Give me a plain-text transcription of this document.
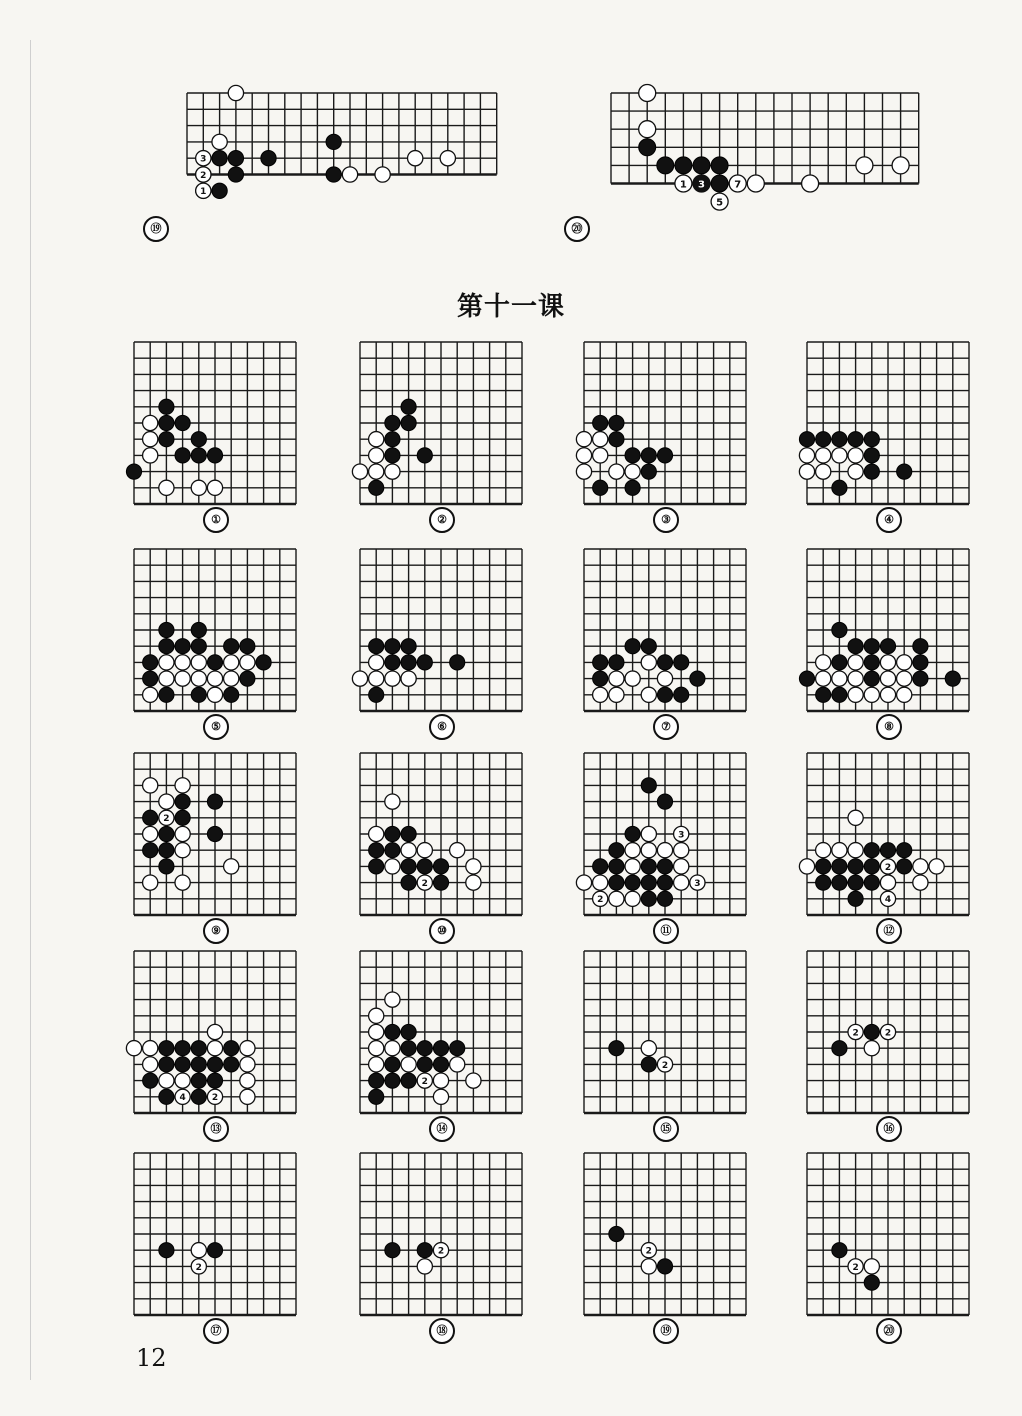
3
2
1
⑲
1 3
5
7
⑳
第十一课
①	②	③	④
⑤	⑥	⑦	⑧
2
⑨
2
⑩
3
2
3
⑪
2
4
⑫
4	2
⑬
2
⑭
2
⑮
2	2
⑯
2
⑰
2
⑱
2
⑲
2
⑳
12
